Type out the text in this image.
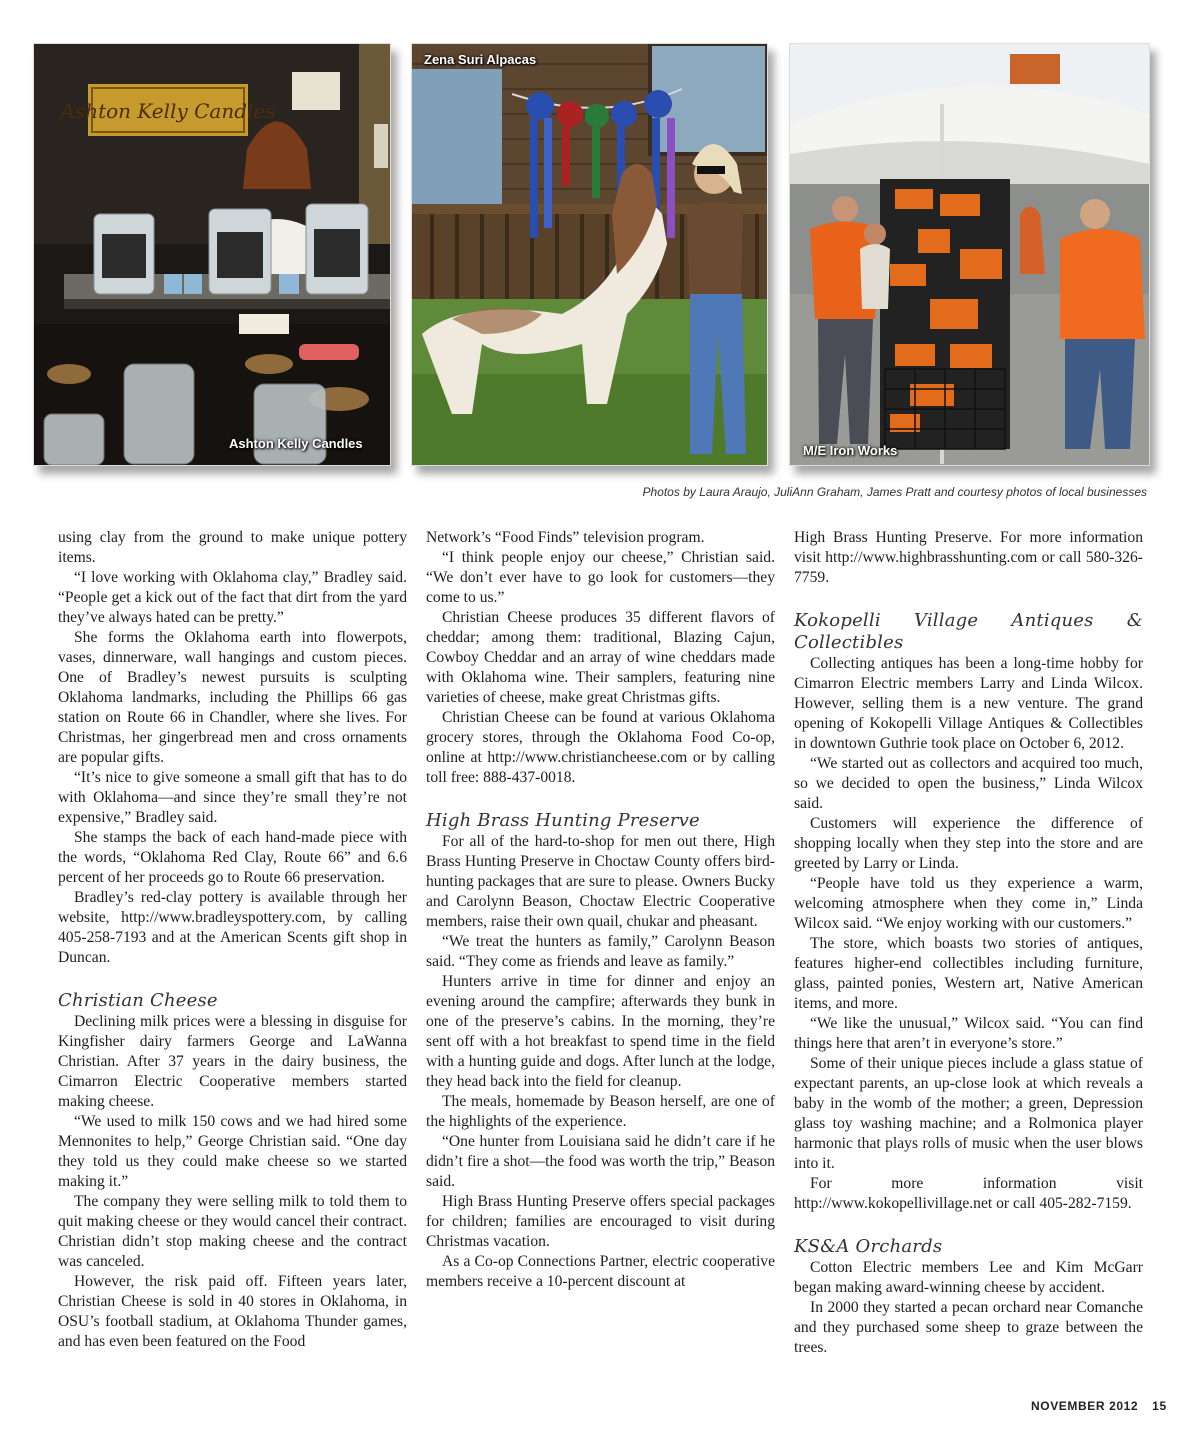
Ashton Kelly Candles
Ashton Kelly Candles
Zena Suri Alpacas
M/E Iron Works
Photos by Laura Araujo, JuliAnn Graham, James Pratt and courtesy photos of local businesses

using clay from the ground to make unique pottery items.

“I love working with Oklahoma clay,” Bradley said. “People get a kick out of the fact that dirt from the yard they’ve always hated can be pretty.”

She forms the Oklahoma earth into flowerpots, vases, dinnerware, wall hangings and custom pieces. One of Bradley’s newest pursuits is sculpting Oklahoma landmarks, including the Phillips 66 gas station on Route 66 in Chandler, where she lives. For Christmas, her gingerbread men and cross ornaments are popular gifts.

“It’s nice to give someone a small gift that has to do with Oklahoma—and since they’re small they’re not expensive,” Bradley said.

She stamps the back of each hand-made piece with the words, “Oklahoma Red Clay, Route 66” and 6.6 percent of her proceeds go to Route 66 preservation.

Bradley’s red-clay pottery is available through her website, http://www.bradleyspottery.com, by calling 405-258-7193 and at the American Scents gift shop in Duncan.

Christian Cheese

Declining milk prices were a blessing in disguise for Kingfisher dairy farmers George and LaWanna Christian. After 37 years in the dairy business, the Cimarron Electric Cooperative members started making cheese.

“We used to milk 150 cows and we had hired some Mennonites to help,” George Christian said. “One day they told us they could make cheese so we started making it.”

The company they were selling milk to told them to quit making cheese or they would cancel their contract. Christian didn’t stop making cheese and the contract was canceled.

However, the risk paid off. Fifteen years later, Christian Cheese is sold in 40 stores in Oklahoma, in OSU’s football stadium, at Oklahoma Thunder games, and has even been featured on the Food

Network’s “Food Finds” television program.

“I think people enjoy our cheese,” Christian said. “We don’t ever have to go look for customers—they come to us.”

Christian Cheese produces 35 different flavors of cheddar; among them: traditional, Blazing Cajun, Cowboy Cheddar and an array of wine cheddars made with Oklahoma wine. Their samplers, featuring nine varieties of cheese, make great Christmas gifts.

Christian Cheese can be found at various Oklahoma grocery stores, through the Oklahoma Food Co-op, online at http://www.christiancheese.com or by calling toll free: 888-437-0018.

High Brass Hunting Preserve

For all of the hard-to-shop for men out there, High Brass Hunting Preserve in Choctaw County offers bird-hunting packages that are sure to please. Owners Bucky and Carolynn Beason, Choctaw Electric Cooperative members, raise their own quail, chukar and pheasant.

“We treat the hunters as family,” Carolynn Beason said. “They come as friends and leave as family.”

Hunters arrive in time for dinner and enjoy an evening around the campfire; afterwards they bunk in one of the preserve’s cabins. In the morning, they’re sent off with a hot breakfast to spend time in the field with a hunting guide and dogs. After lunch at the lodge, they head back into the field for cleanup.

The meals, homemade by Beason herself, are one of the highlights of the experience.

“One hunter from Louisiana said he didn’t care if he didn’t fire a shot—the food was worth the trip,” Beason said.

High Brass Hunting Preserve offers special packages for children; families are encouraged to visit during Christmas vacation.

As a Co-op Connections Partner, electric cooperative members receive a 10-percent discount at

High Brass Hunting Preserve. For more information visit http://www.highbrasshunting.com or call 580-326-7759.

Kokopelli Village Antiques & Collectibles

Collecting antiques has been a long-time hobby for Cimarron Electric members Larry and Linda Wilcox. However, selling them is a new venture. The grand opening of Kokopelli Village Antiques & Collectibles in downtown Guthrie took place on October 6, 2012.

“We started out as collectors and acquired too much, so we decided to open the business,” Linda Wilcox said.

Customers will experience the difference of shopping locally when they step into the store and are greeted by Larry or Linda.

“People have told us they experience a warm, welcoming atmosphere when they come in,” Linda Wilcox said. “We enjoy working with our customers.”

The store, which boasts two stories of antiques, features higher-end collectibles including furniture, glass, painted ponies, Western art, Native American items, and more.

“We like the unusual,” Wilcox said. “You can find things here that aren’t in everyone’s store.”

Some of their unique pieces include a glass statue of expectant parents, an up-close look at which reveals a baby in the womb of the mother; a green, Depression glass toy washing machine; and a Rolmonica player harmonic that plays rolls of music when the user blows into it.

For more information visit http://www.kokopellivillage.net or call 405-282-7159.

KS&A Orchards

Cotton Electric members Lee and Kim McGarr began making award-winning cheese by accident.

In 2000 they started a pecan orchard near Comanche and they purchased some sheep to graze between the trees.

NOVEMBER 2012 15
